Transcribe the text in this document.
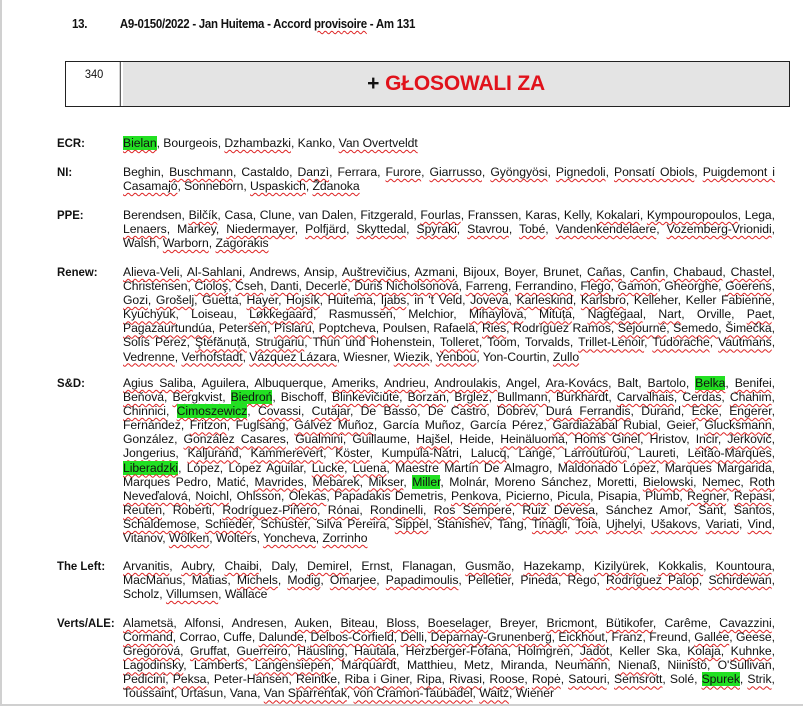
13.	A9-0150/2022 - Jan Huitema - Accord provisoire - Am 131
340	+ GŁOSOWALI ZA
ECR:	Bielan, Bourgeois, Dzhambazki, Kanko, Van Overtveldt
NI:	Beghin, Buschmann, Castaldo, Danzì, Ferrara, Furore, Giarrusso, Gyöngyösi, Pignedoli, Ponsatí Obiols, Puigdemont i Casamajó, Sonneborn, Uspaskich, Ždanoka
PPE:	Berendsen, Bilčík, Casa, Clune, van Dalen, Fitzgerald, Fourlas, Franssen, Karas, Kelly, Kokalari, Kympouropoulos, Lega, Lenaers, Markey, Niedermayer, Polfjärd, Skyttedal, Spyraki, Stavrou, Tobé, Vandenkendelaere, Vozemberg-Vrionidi, Walsh, Warborn, Zagorakis
Renew:	Alieva-Veli, Al-Sahlani, Andrews, Ansip, Auštrevičius, Azmani, Bijoux, Boyer, Brunet, Cañas, Canfin, Chabaud, Chastel, Christensen, Cioloş, Cseh, Danti, Decerle, Ďuriš Nicholsonová, Farreng, Ferrandino, Flego, Gamon, Gheorghe, Goerens, Gozi, Grošelj, Guetta, Hayer, Hojsík, Huitema, Ijabs, in 't Veld, Joveva, Karleskind, Karlsbro, Kelleher, Keller Fabienne, Kyuchyuk, Loiseau, Løkkegaard, Rasmussen, Melchior, Mihaylova, Mituța, Nagtegaal, Nart, Orville, Paet, Pagazaurtundúa, Petersen, Pîslaru, Poptcheva, Poulsen, Rafaela, Ries, Rodríguez Ramos, Séjourné, Semedo, Šimečka, Solís Pérez, Ştefănuță, Strugariu, Thun und Hohenstein, Tolleret, Toom, Torvalds, Trillet-Lenoir, Tudorache, Vautmans, Vedrenne, Verhofstadt, Vázquez Lázara, Wiesner, Wiezik, Yenbou, Yon-Courtin, Zullo
S&D:	Agius Saliba, Aguilera, Albuquerque, Ameriks, Andrieu, Androulakis, Angel, Ara-Kovács, Balt, Bartolo, Belka, Benifei, Beňová, Bergkvist, Biedroń, Bischoff, Blinkevičiūtė, Borzan, Brglez, Bullmann, Burkhardt, Carvalhais, Cerdas, Chahim, Chinnici, Cimoszewicz, Covassi, Cutajar, De Basso, De Castro, Dobrev, Durá Ferrandis, Durand, Ecke, Engerer, Fernández, Fritzon, Fuglsang, Gálvez Muñoz, García Muñoz, García Pérez, Gardiazabal Rubial, Geier, Glucksmann, González, González Casares, Gualmini, Guillaume, Hajšel, Heide, Heinäluoma, Homs Ginel, Hristov, Incir, Jerković, Jongerius, Kaljurand, Kammerevert, Köster, Kumpula-Natri, Lalucq, Lange, Larrouturou, Laureti, Leitão-Marques, Liberadzki, López, López Aguilar, Lucke, Luena, Maestre Martín De Almagro, Maldonado López, Marques Margarida, Marques Pedro, Matić, Mavrides, Mebarek, Mikser, Miller, Molnár, Moreno Sánchez, Moretti, Bielowski, Nemec, Roth Neveďalová, Noichl, Ohlsson, Olekas, Papadakis Demetris, Penkova, Picierno, Picula, Pisapia, Plumb, Regner, Repasi, Reuten, Roberti, Rodríguez-Piñero, Rónai, Rondinelli, Ros Sempere, Ruiz Devesa, Sánchez Amor, Sant, Santos, Schaldemose, Schieder, Schuster, Silva Pereira, Sippel, Stanishev, Tang, Tinagli, Toia, Ujhelyi, Ušakovs, Variati, Vind, Vitanov, Wölken, Wolters, Yoncheva, Zorrinho
The Left:	Arvanitis, Aubry, Chaibi, Daly, Demirel, Ernst, Flanagan, Gusmão, Hazekamp, Kizilyürek, Kokkalis, Kountoura, MacManus, Matias, Michels, Modig, Omarjee, Papadimoulis, Pelletier, Pineda, Rego, Rodríguez Palop, Schirdewan, Scholz, Villumsen, Wallace
Verts/ALE: Alametsä, Alfonsi, Andresen, Auken, Biteau, Bloss, Boeselager, Breyer, Bricmont, Bütikofer, Carême, Cavazzini, Cormand, Corrao, Cuffe, Dalunde, Delbos-Corfield, Delli, Deparnay-Grunenberg, Eickhout, Franz, Freund, Gallée, Geese, Gregorová, Gruffat, Guerreiro, Häusling, Hautala, Herzberger-Fofana, Holmgren, Jadot, Keller Ska, Kolaja, Kuhnke, Lagodinsky, Lamberts, Langensiepen, Marquardt, Matthieu, Metz, Miranda, Neumann, Nienaß, Niinistö, O'Sullivan, Pedicini, Peksa, Peter-Hansen, Reintke, Riba i Giner, Ripa, Rivasi, Roose, Ropė, Satouri, Semsrott, Solé, Spurek, Strik, Toussaint, Urtasun, Vana, Van Sparrentak, von Cramon-Taubadel, Waitz, Wiener
